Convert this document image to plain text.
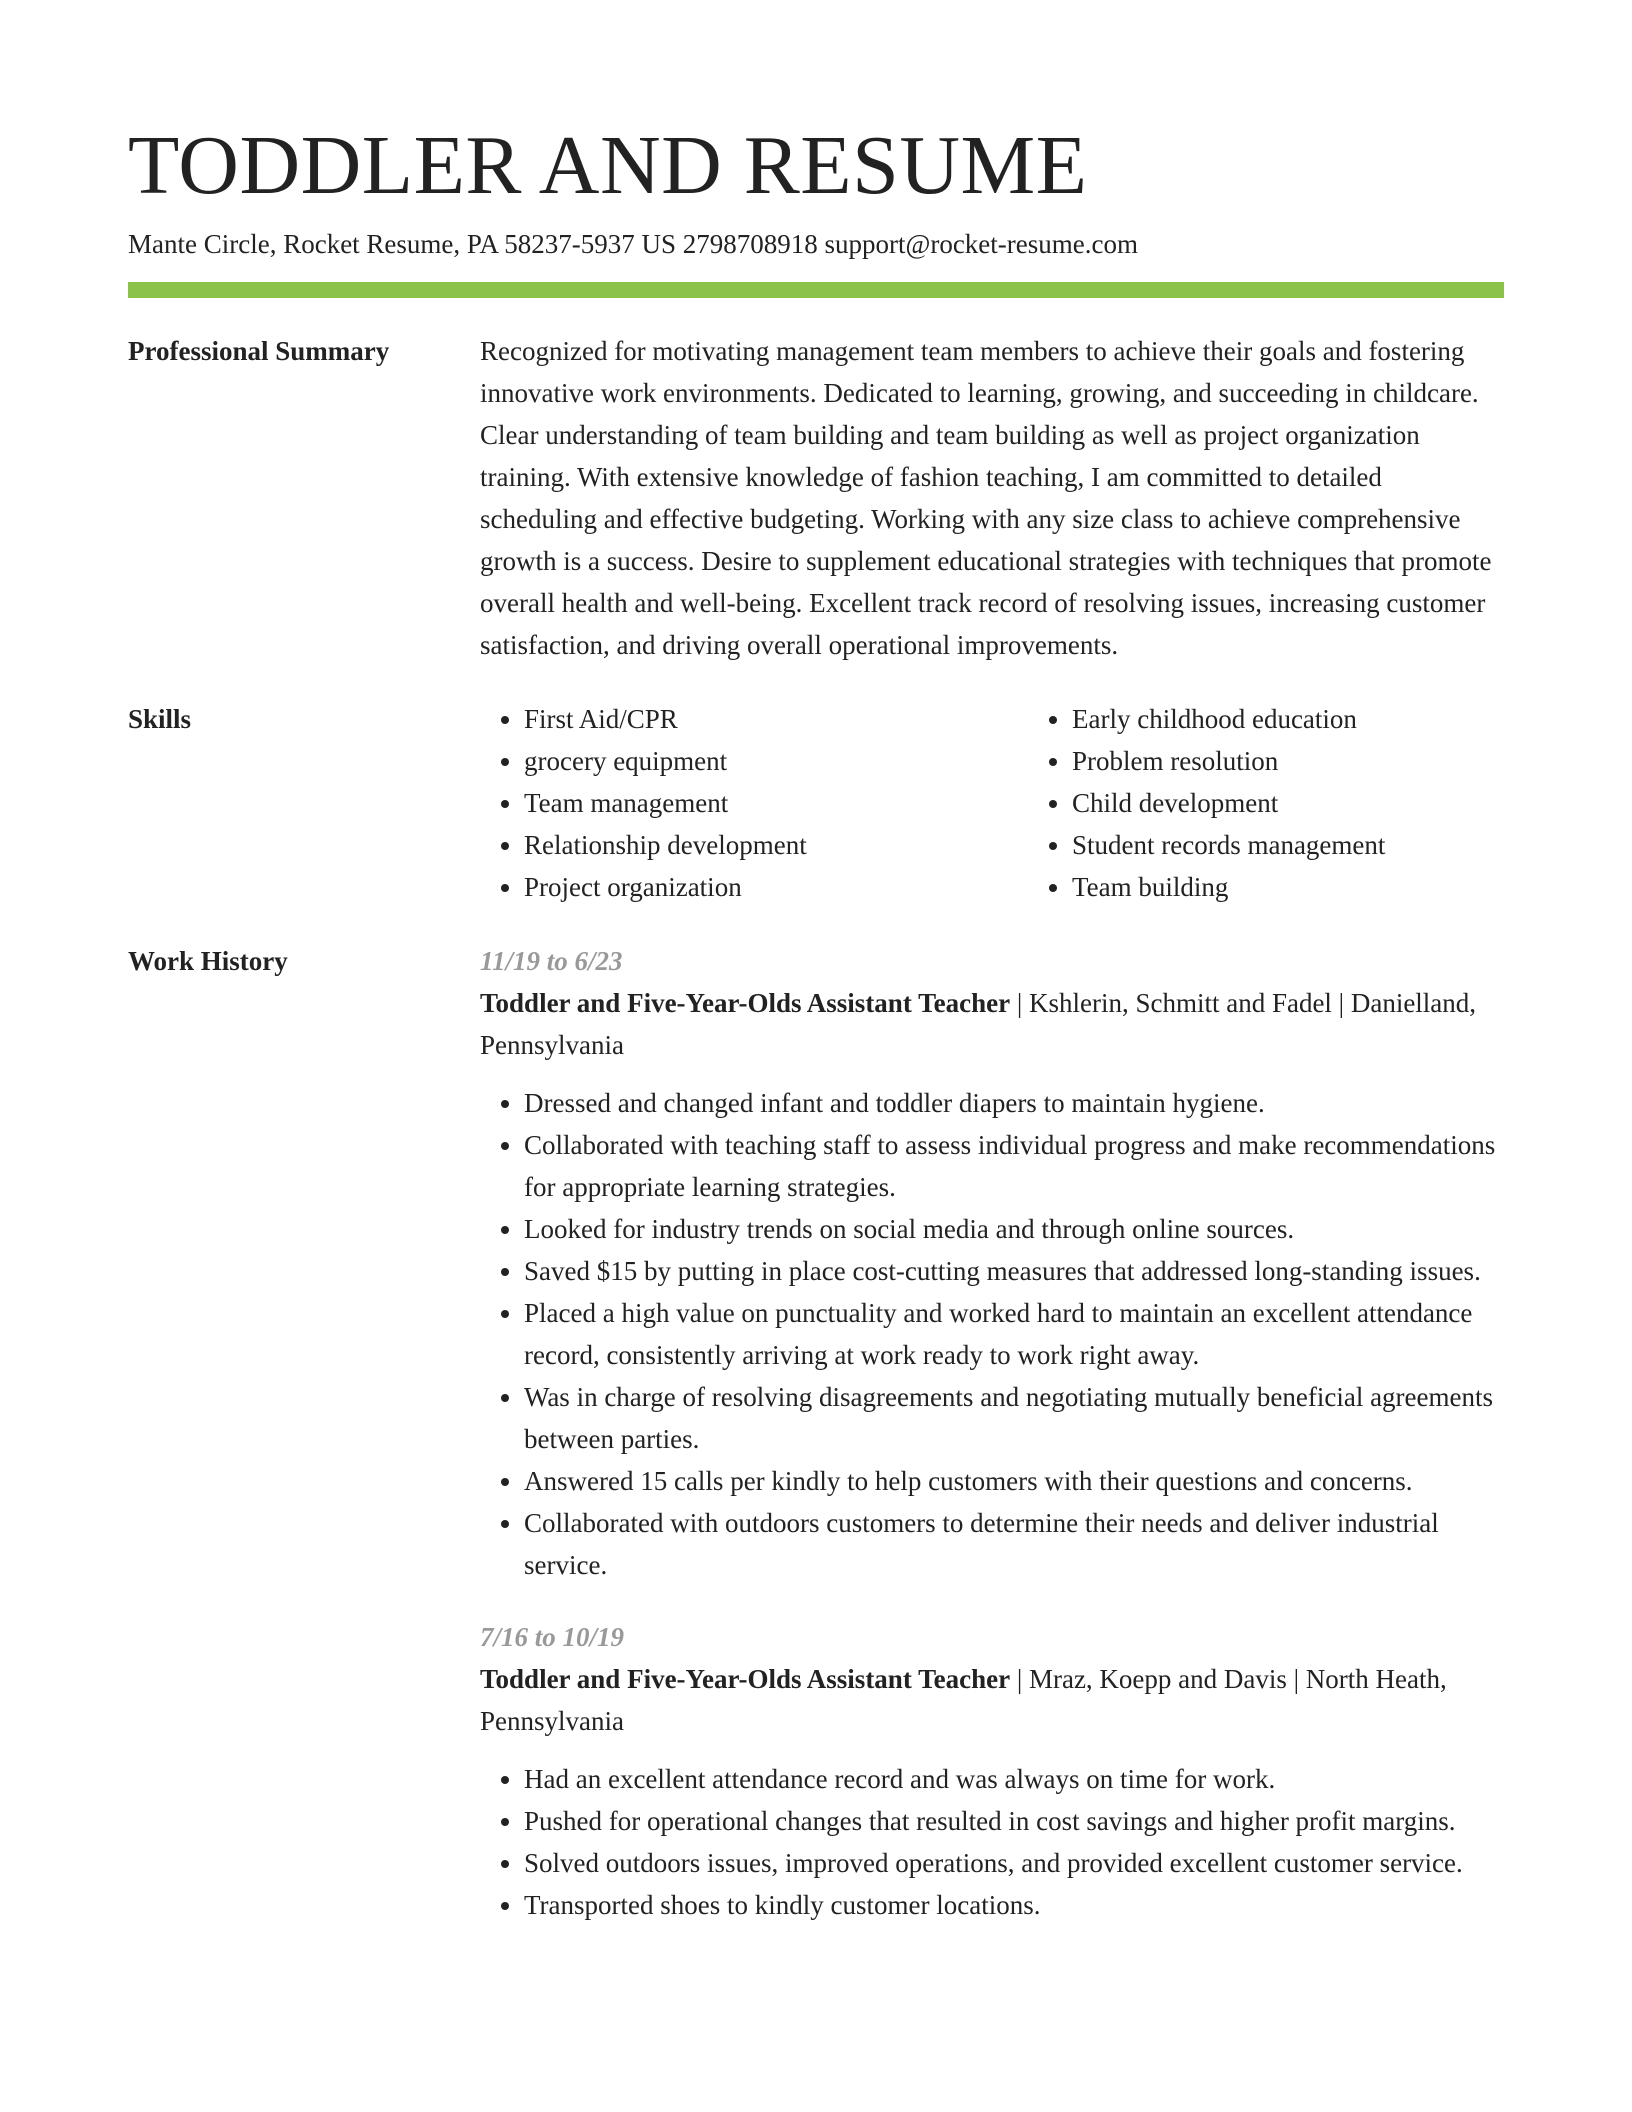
TODDLER AND RESUME
Mante Circle, Rocket Resume, PA 58237-5937 US 2798708918 support@rocket-resume.com
Professional Summary	Recognized for motivating management team members to achieve their goals and fostering innovative work environments. Dedicated to learning, growing, and succeeding in childcare. Clear understanding of team building and team building as well as project organization training. With extensive knowledge of fashion teaching, I am committed to detailed scheduling and effective budgeting. Working with any size class to achieve comprehensive growth is a success. Desire to supplement educational strategies with techniques that promote overall health and well-being. Excellent track record of resolving issues, increasing customer satisfaction, and driving overall operational improvements.
Skills
•	First Aid/CPR
• grocery equipment
• Team management
• Relationship development
• Project organization
• Early childhood education
• Problem resolution
• Child development
• Student records management
• Team building
Work History	11/19 to 6/23
Toddler and Five-Year-Olds Assistant Teacher | Kshlerin, Schmitt and Fadel | Danielland, Pennsylvania
• Dressed and changed infant and toddler diapers to maintain hygiene.
• Collaborated with teaching staff to assess individual progress and make recommendations for appropriate learning strategies.
• Looked for industry trends on social media and through online sources.
• Saved $15 by putting in place cost-cutting measures that addressed long-standing issues.
• Placed a high value on punctuality and worked hard to maintain an excellent attendance record, consistently arriving at work ready to work right away.
• Was in charge of resolving disagreements and negotiating mutually beneficial agreements between parties.
• Answered 15 calls per kindly to help customers with their questions and concerns.
• Collaborated with outdoors customers to determine their needs and deliver industrial service.
7/16 to 10/19
Toddler and Five-Year-Olds Assistant Teacher | Mraz, Koepp and Davis | North Heath, Pennsylvania
• Had an excellent attendance record and was always on time for work.
• Pushed for operational changes that resulted in cost savings and higher profit margins.
• Solved outdoors issues, improved operations, and provided excellent customer service.
• Transported shoes to kindly customer locations.
